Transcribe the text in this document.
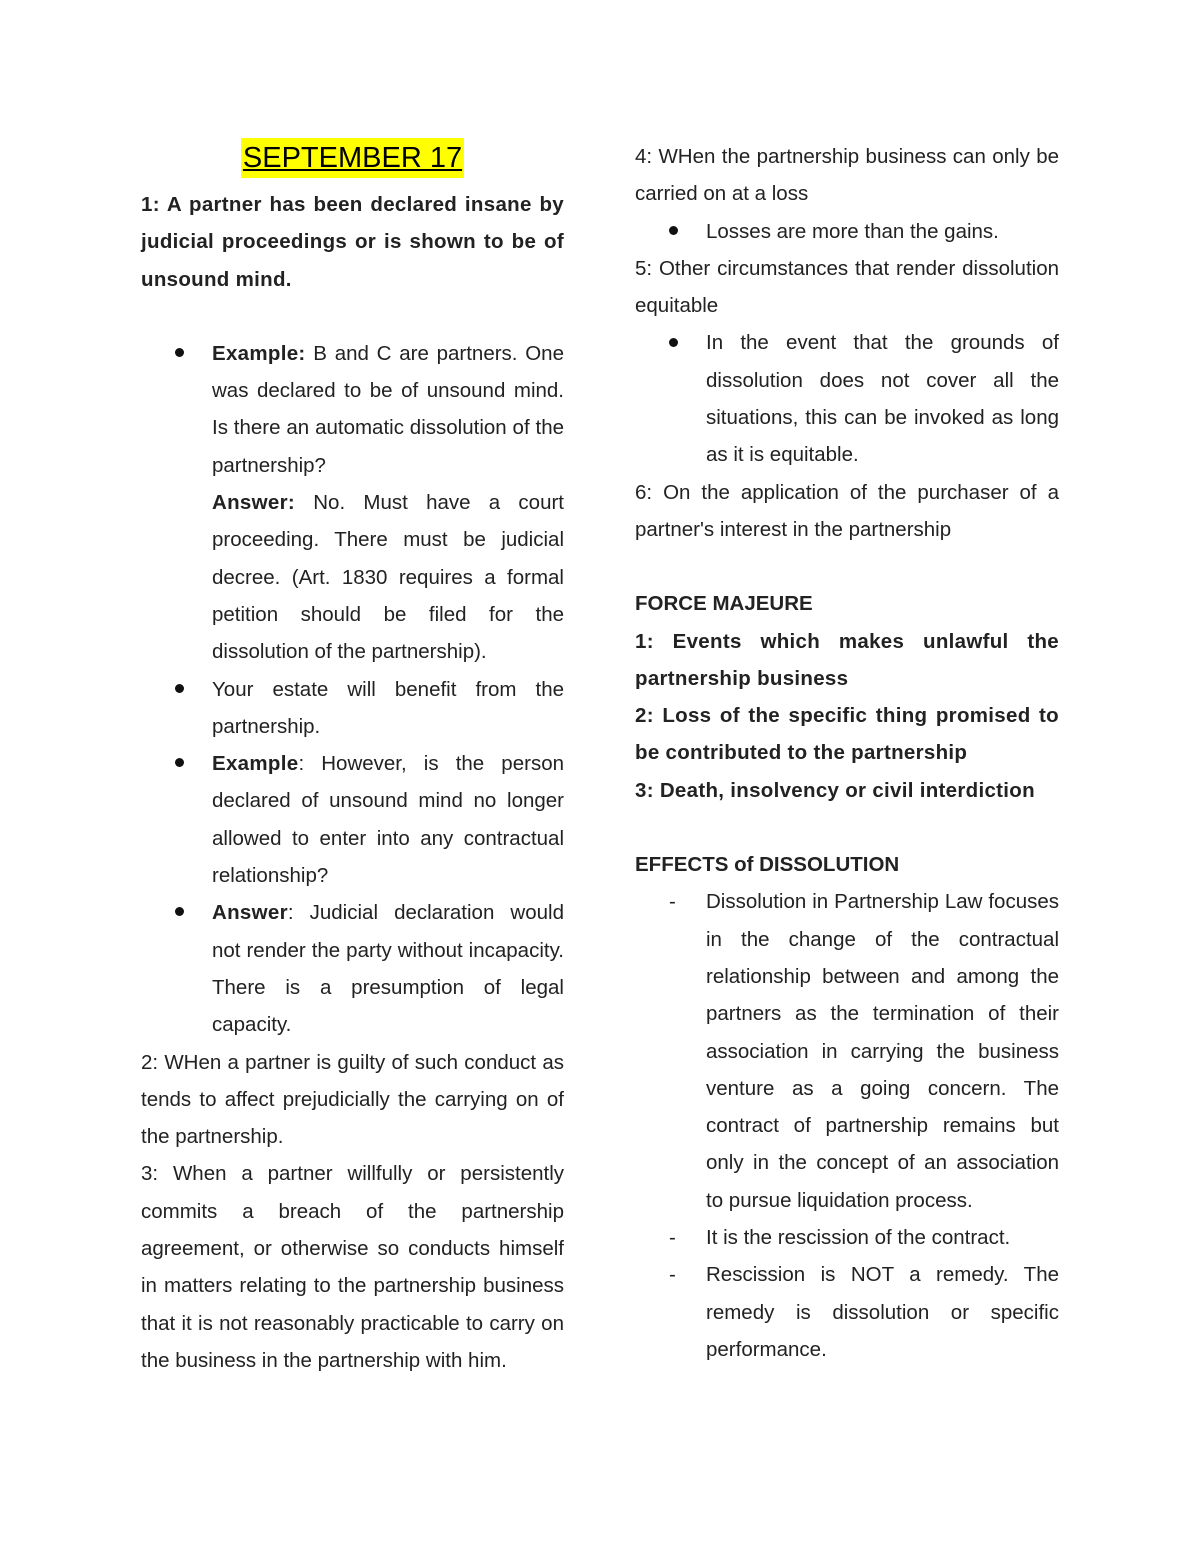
SEPTEMBER 17

1: A partner has been declared insane by judicial proceedings or is shown to be of unsound mind.

Example: B and C are partners. One was declared to be of unsound mind. Is there an automatic dissolution of the partnership?
Answer: No. Must have a court proceeding. There must be judicial decree. (Art. 1830 requires a formal petition should be filed for the dissolution of the partnership).
Your estate will benefit from the partnership.
Example: However, is the person declared of unsound mind no longer allowed to enter into any contractual relationship?
Answer: Judicial declaration would not render the party without incapacity. There is a presumption of legal capacity.

2: WHen a partner is guilty of such conduct as tends to affect prejudicially the carrying on of the partnership.

3: When a partner willfully or persistently commits a breach of the partnership agreement, or otherwise so conducts himself in matters relating to the partnership business that it is not reasonably practicable to carry on the business in the partnership with him.

4: WHen the partnership business can only be carried on at a loss

Losses are more than the gains.

5: Other circumstances that render dissolution equitable

In the event that the grounds of dissolution does not cover all the situations, this can be invoked as long as it is equitable.

6: On the application of the purchaser of a partner's interest in the partnership

FORCE MAJEURE

1: Events which makes unlawful the partnership business

2: Loss of the specific thing promised to be contributed to the partnership

3: Death, insolvency or civil interdiction

EFFECTS of DISSOLUTION

-	Dissolution in Partnership Law focuses in the change of the contractual relationship between and among the partners as the termination of their association in carrying the business venture as a going concern. The contract of partnership remains but only in the concept of an association to pursue liquidation process.
-	It is the rescission of the contract.
-	Rescission is NOT a remedy. The remedy is dissolution or specific performance.
